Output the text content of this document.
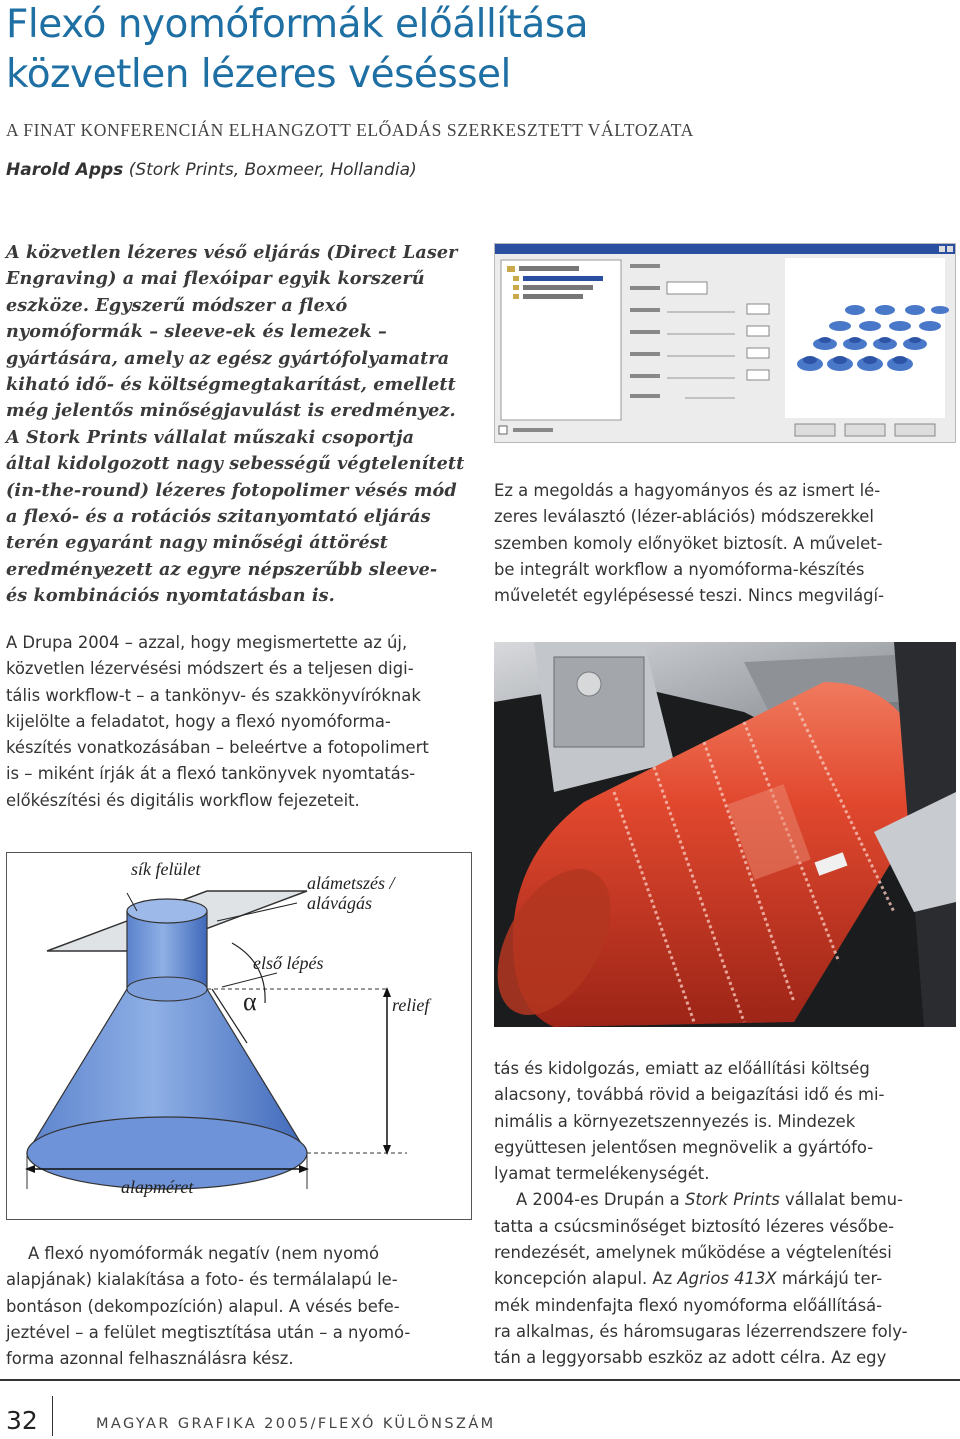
Flexó nyomóformák előállítása
közvetlen lézeres véséssel
A FINAT KONFERENCIÁN ELHANGZOTT ELŐADÁS SZERKESZTETT VÁLTOZATA
Harold Apps (Stork Prints, Boxmeer, Hollandia)

A közvetlen lézeres véső eljárás (Direct Laser

Engraving) a mai flexóipar egyik korszerű

eszköze. Egyszerű módszer a flexó

nyomóformák – sleeve-ek és lemezek –

gyártására, amely az egész gyártófolyamatra

kiható idő- és költségmegtakarítást, emellett

még jelentős minőségjavulást is eredményez.

A Stork Prints vállalat műszaki csoportja

által kidolgozott nagy sebességű végtelenített

(in-the-round) lézeres fotopolimer vésés mód

a flexó- és a rotációs szitanyomtató eljárás

terén egyaránt nagy minőségi áttörést

eredményezett az egyre népszerűbb sleeve-

és kombinációs nyomtatásban is.

Ez a megoldás a hagyományos és az ismert lé-

zeres leválasztó (lézer-ablációs) módszerekkel

szemben komoly előnyöket biztosít. A művelet-

be integrált workflow a nyomóforma-készítés

műveletét egylépésessé teszi. Nincs megvilágí-

A Drupa 2004 – azzal, hogy megismertette az új,

közvetlen lézervésési módszert és a teljesen digi-

tális workflow-t – a tankönyv- és szakkönyvíróknak

kijelölte a feladatot, hogy a flexó nyomóforma-

készítés vonatkozásában – beleértve a fotopolimert

is – miként írják át a flexó tankönyvek nyomtatás-

előkészítési és digitális workflow fejezeteit.

sík felület
alámetszés /
alávágás
első lépés
relief
alapméret
α

A flexó nyomóformák negatív (nem nyomó

alapjának) kialakítása a foto- és termálalapú le-

bontáson (dekompozíción) alapul. A vésés befe-

jeztével – a felület megtisztítása után – a nyomó-

forma azonnal felhasználásra kész.

tás és kidolgozás, emiatt az előállítási költség

alacsony, továbbá rövid a beigazítási idő és mi-

nimális a környezetszennyezés is. Mindezek

együttesen jelentősen megnövelik a gyártófo-

lyamat termelékenységét.

A 2004-es Drupán a Stork Prints vállalat bemu-

tatta a csúcsminőséget biztosító lézeres vésőbe-

rendezését, amelynek működése a végtelenítési

koncepción alapul. Az Agrios 413X márkájú ter-

mék mindenfajta flexó nyomóforma előállításá-

ra alkalmas, és háromsugaras lézerrendszere foly-

tán a leggyorsabb eszköz az adott célra. Az egy

32	MAGYAR GRAFIKA 2005/FLEXÓ KÜLÖNSZÁM
